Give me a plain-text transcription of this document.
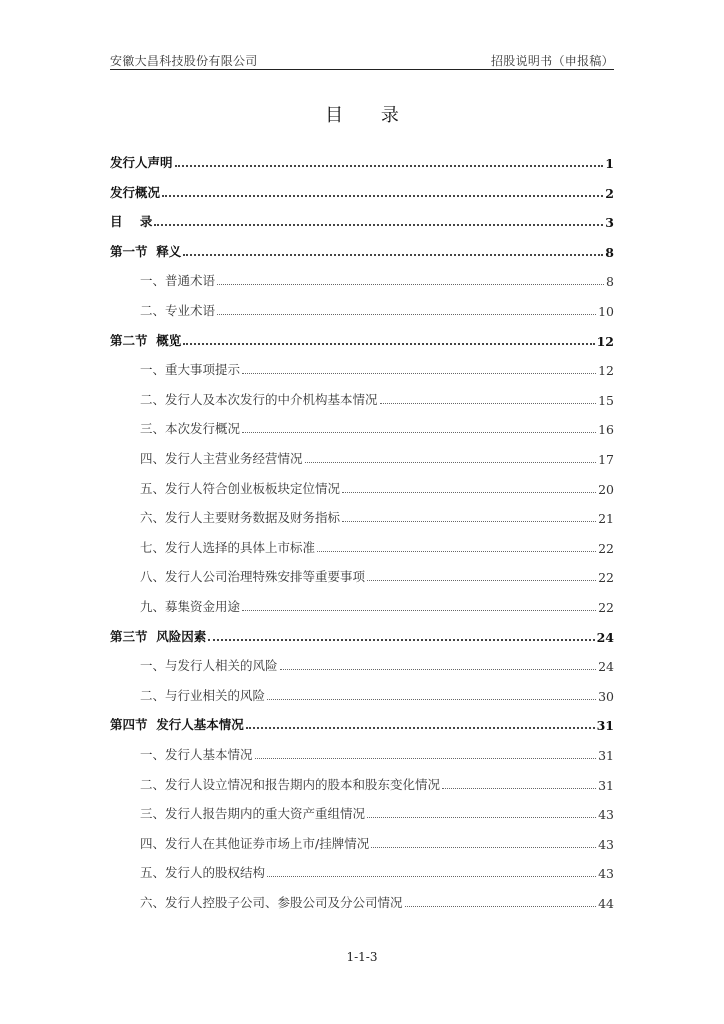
安徽大昌科技股份有限公司	招股说明书（申报稿）
目 录
发行人声明	1
发行概况	2
目    录	3
第一节  释义	8
一、普通术语	8
二、专业术语	10
第二节  概览	12
一、重大事项提示	12
二、发行人及本次发行的中介机构基本情况	15
三、本次发行概况	16
四、发行人主营业务经营情况	17
五、发行人符合创业板板块定位情况	20
六、发行人主要财务数据及财务指标	21
七、发行人选择的具体上市标准	22
八、发行人公司治理特殊安排等重要事项	22
九、募集资金用途	22
第三节  风险因素	24
一、与发行人相关的风险	24
二、与行业相关的风险	30
第四节  发行人基本情况	31
一、发行人基本情况	31
二、发行人设立情况和报告期内的股本和股东变化情况	31
三、发行人报告期内的重大资产重组情况	43
四、发行人在其他证券市场上市/挂牌情况	43
五、发行人的股权结构	43
六、发行人控股子公司、参股公司及分公司情况	44
1-1-3
